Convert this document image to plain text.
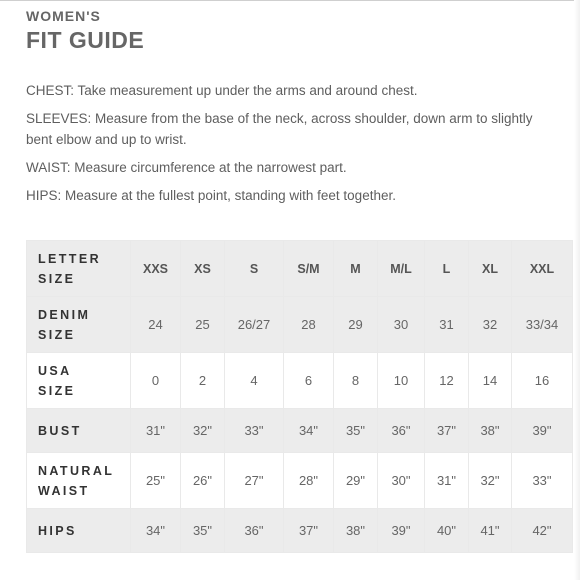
WOMEN'S
FIT GUIDE

CHEST: Take measurement up under the arms and around chest.

SLEEVES: Measure from the base of the neck, across shoulder, down arm to slightly bent elbow and up to wrist.

WAIST: Measure circumference at the narrowest part.

HIPS: Measure at the fullest point, standing with feet together.

LETTER
SIZE	XXS	XS	S	S/M	M	M/L	L	XL	XXL
DENIM
SIZE	24	25	26/27	28	29	30	31	32	33/34
USA
SIZE	0	2	4	6	8	10	12	14	16
BUST	31"	32"	33"	34"	35"	36"	37"	38"	39"
NATURAL
WAIST	25"	26"	27"	28"	29"	30"	31"	32"	33"
HIPS	34"	35"	36"	37"	38"	39"	40"	41"	42"
